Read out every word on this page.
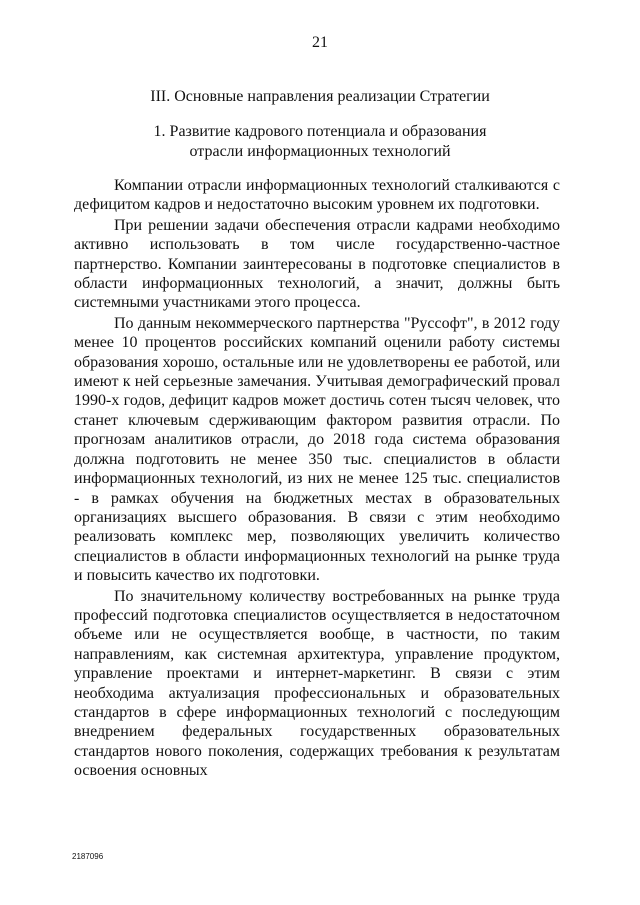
21
III. Основные направления реализации Стратегии
1. Развитие кадрового потенциала и образования
отрасли информационных технологий

Компании отрасли информационных технологий сталкиваются с дефицитом кадров и недостаточно высоким уровнем их подготовки.

При решении задачи обеспечения отрасли кадрами необходимо активно использовать в том числе государственно-частное партнерство. Компании заинтересованы в подготовке специалистов в области информационных технологий, а значит, должны быть системными участниками этого процесса.

По данным некоммерческого партнерства "Руссофт", в 2012 году менее 10 процентов российских компаний оценили работу системы образования хорошо, остальные или не удовлетворены ее работой, или имеют к ней серьезные замечания. Учитывая демографический провал 1990-х годов, дефицит кадров может достичь сотен тысяч человек, что станет ключевым сдерживающим фактором развития отрасли. По прогнозам аналитиков отрасли, до 2018 года система образования должна подготовить не менее 350 тыс. специалистов в области информационных технологий, из них не менее 125 тыс. специалистов - в рамках обучения на бюджетных местах в образовательных организациях высшего образования. В связи с этим необходимо реализовать комплекс мер, позволяющих увеличить количество специалистов в области информационных технологий на рынке труда и повысить качество их подготовки.

По значительному количеству востребованных на рынке труда профессий подготовка специалистов осуществляется в недостаточном объеме или не осуществляется вообще, в частности, по таким направлениям, как системная архитектура, управление продуктом, управление проектами и интернет-маркетинг. В связи с этим необходима актуализация профессиональных и образовательных стандартов в сфере информационных технологий с последующим внедрением федеральных государственных образовательных стандартов нового поколения, содержащих требования к результатам освоения основных

2187096
